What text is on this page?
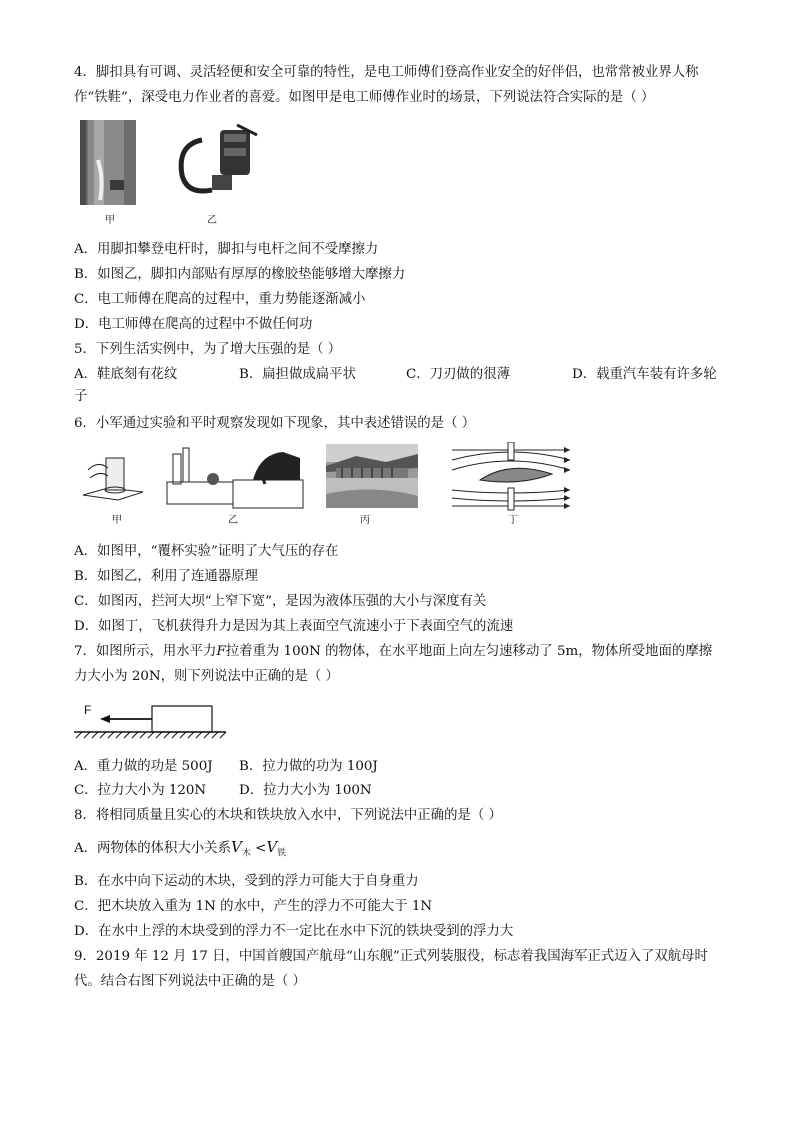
4．脚扣具有可调、灵活轻便和安全可靠的特性，是电工师傅们登高作业安全的好伴侣，也常常被业界人称
作“铁鞋”，深受电力作业者的喜爱。如图甲是电工师傅作业时的场景，下列说法符合实际的是（ ）
甲	乙
A．用脚扣攀登电杆时，脚扣与电杆之间不受摩擦力
B．如图乙，脚扣内部贴有厚厚的橡胶垫能够增大摩擦力
C．电工师傅在爬高的过程中，重力势能逐渐减小
D．电工师傅在爬高的过程中不做任何功
5．下列生活实例中，为了增大压强的是（ ）
A．鞋底刻有花纹	B．扁担做成扁平状	C．刀刃做的很薄	D．载重汽车装有许多轮
子
6．小军通过实验和平时观察发现如下现象，其中表述错误的是（ ）
甲	乙	丙	丁
A．如图甲，“覆杯实验”证明了大气压的存在
B．如图乙，利用了连通器原理
C．如图丙，拦河大坝“上窄下宽”，是因为液体压强的大小与深度有关
D．如图丁，飞机获得升力是因为其上表面空气流速小于下表面空气的流速
7．如图所示，用水平力F拉着重为 100N 的物体，在水平地面上向左匀速移动了 5m，物体所受地面的摩擦
力大小为 20N，则下列说法中正确的是（ ）
F
A．重力做的功是 500J B．拉力做的功为 100J
C．拉力大小为 120N D．拉力大小为 100N
8．将相同质量且实心的木块和铁块放入水中，下列说法中正确的是（ ）
A．两物体的体积大小关系$V_木 <V_铁$
B．在水中向下运动的木块，受到的浮力可能大于自身重力
C．把木块放入重为 1N 的水中，产生的浮力不可能大于 1N
D．在水中上浮的木块受到的浮力不一定比在水中下沉的铁块受到的浮力大
9．2019 年 12 月 17 日，中国首艘国产航母“山东舰”正式列装服役，标志着我国海军正式迈入了双航母时
代。结合右图下列说法中正确的是（ ）
